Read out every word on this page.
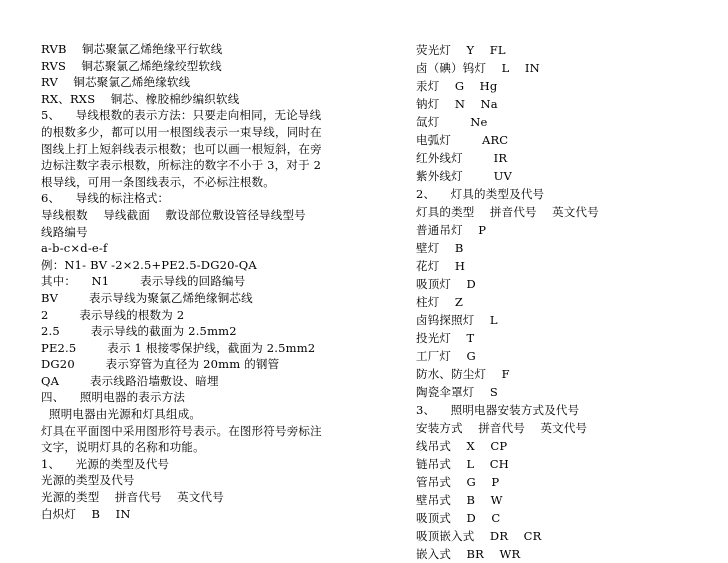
RVB    铜芯聚氯乙烯绝缘平行软线
RVS    铜芯聚氯乙烯绝缘绞型软线
RV    铜芯聚氯乙烯绝缘软线
RX、RXS    铜芯、橡胶棉纱编织软线
5、    导线根数的表示方法：只要走向相同，无论导线
的根数多少，都可以用一根图线表示一束导线，同时在
图线上打上短斜线表示根数；也可以画一根短斜，在旁
边标注数字表示根数，所标注的数字不小于 3，对于 2
根导线，可用一条图线表示，不必标注根数。
6、    导线的标注格式：
导线根数    导线截面    敷设部位敷设管径导线型号
线路编号
a-b-c×d-e-f
例：N1- BV -2×2.5+PE2.5-DG20-QA
其中：    N1        表示导线的回路编号
BV        表示导线为聚氯乙烯绝缘铜芯线
2        表示导线的根数为 2
2.5        表示导线的截面为 2.5mm2
PE2.5        表示 1 根接零保护线，截面为 2.5mm2
DG20        表示穿管为直径为 20mm 的钢管
QA        表示线路沿墙敷设、暗埋
四、    照明电器的表示方法
照明电器由光源和灯具组成。
灯具在平面图中采用图形符号表示。在图形符号旁标注
文字，说明灯具的名称和功能。
1、    光源的类型及代号
光源的类型及代号
光源的类型    拼音代号    英文代号
白炽灯    B    IN
荧光灯    Y    FL
卤（碘）钨灯    L    IN
汞灯    G    Hg
钠灯    N    Na
氙灯        Ne
电弧灯        ARC
红外线灯        IR
紫外线灯        UV
2、    灯具的类型及代号
灯具的类型    拼音代号    英文代号
普通吊灯    P
壁灯    B
花灯    H
吸顶灯    D
柱灯    Z
卤钨探照灯    L
投光灯    T
工厂灯    G
防水、防尘灯    F
陶瓷伞罩灯    S
3、    照明电器安装方式及代号
安装方式    拼音代号    英文代号
线吊式    X    CP
链吊式    L    CH
管吊式    G    P
壁吊式    B    W
吸顶式    D    C
吸顶嵌入式    DR    CR
嵌入式    BR    WR
